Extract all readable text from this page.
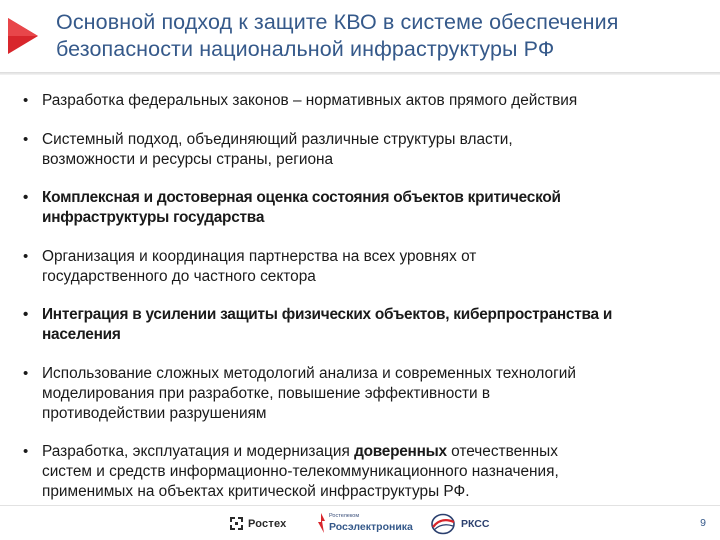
Основной подход к защите КВО в системе обеспечения
безопасности национальной инфраструктуры РФ
• Разработка федеральных законов – нормативных актов прямого действия
• Системный подход, объединяющий различные структуры власти,
возможности и ресурсы страны, региона
• Комплексная и достоверная оценка состояния объектов критической
инфраструктуры государства
• Организация и координация партнерства на всех уровнях от
государственного до частного сектора
• Интеграция в усилении защиты физических объектов, киберпространства и
населения
• Использование сложных методологий анализа и современных технологий
моделирования при разработке, повышение эффективности в
противодействии разрушениям
• Разработка, эксплуатация и модернизация доверенных отечественных
систем и средств информационно-телекоммуникационного назначения,
применимых на объектах критической инфраструктуры РФ.
Ростех
Ростелеком
Росэлектроника	РКСС	9
